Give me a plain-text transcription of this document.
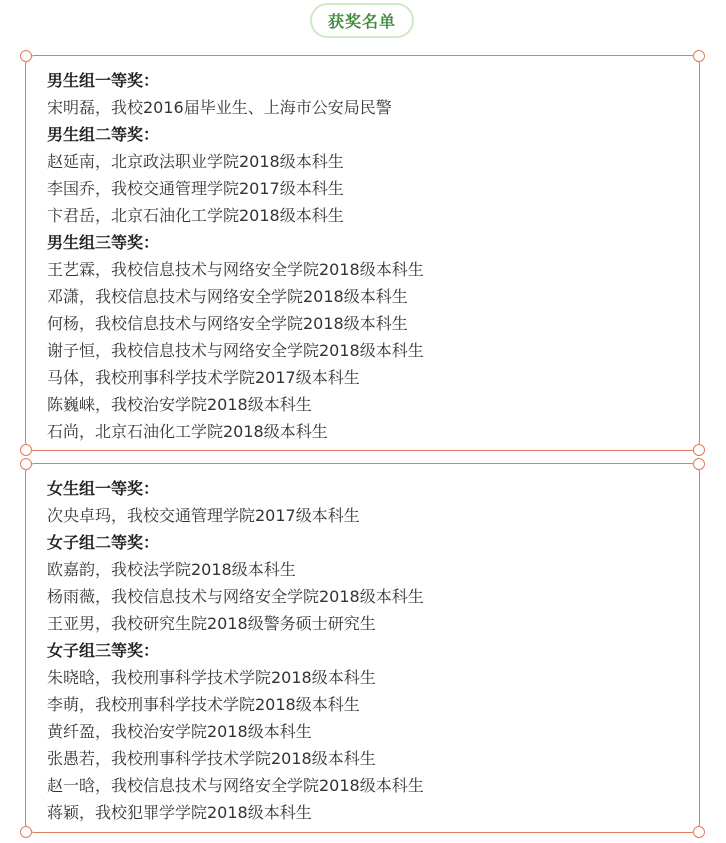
获奖名单
男生组一等奖：
宋明磊，我校2016届毕业生、上海市公安局民警
男生组二等奖：
赵延南，北京政法职业学院2018级本科生
李国乔，我校交通管理学院2017级本科生
卞君岳，北京石油化工学院2018级本科生
男生组三等奖：
王艺霖，我校信息技术与网络安全学院2018级本科生
邓潇，我校信息技术与网络安全学院2018级本科生
何杨，我校信息技术与网络安全学院2018级本科生
谢子恒，我校信息技术与网络安全学院2018级本科生
马体，我校刑事科学技术学院2017级本科生
陈巍崃，我校治安学院2018级本科生
石尚，北京石油化工学院2018级本科生
女生组一等奖：
次央卓玛，我校交通管理学院2017级本科生
女子组二等奖：
欧嘉韵，我校法学院2018级本科生
杨雨薇，我校信息技术与网络安全学院2018级本科生
王亚男，我校研究生院2018级警务硕士研究生
女子组三等奖：
朱晓晗，我校刑事科学技术学院2018级本科生
李萌，我校刑事科学技术学院2018级本科生
黄纤盈，我校治安学院2018级本科生
张愚若，我校刑事科学技术学院2018级本科生
赵一晗，我校信息技术与网络安全学院2018级本科生
蒋颖，我校犯罪学学院2018级本科生
